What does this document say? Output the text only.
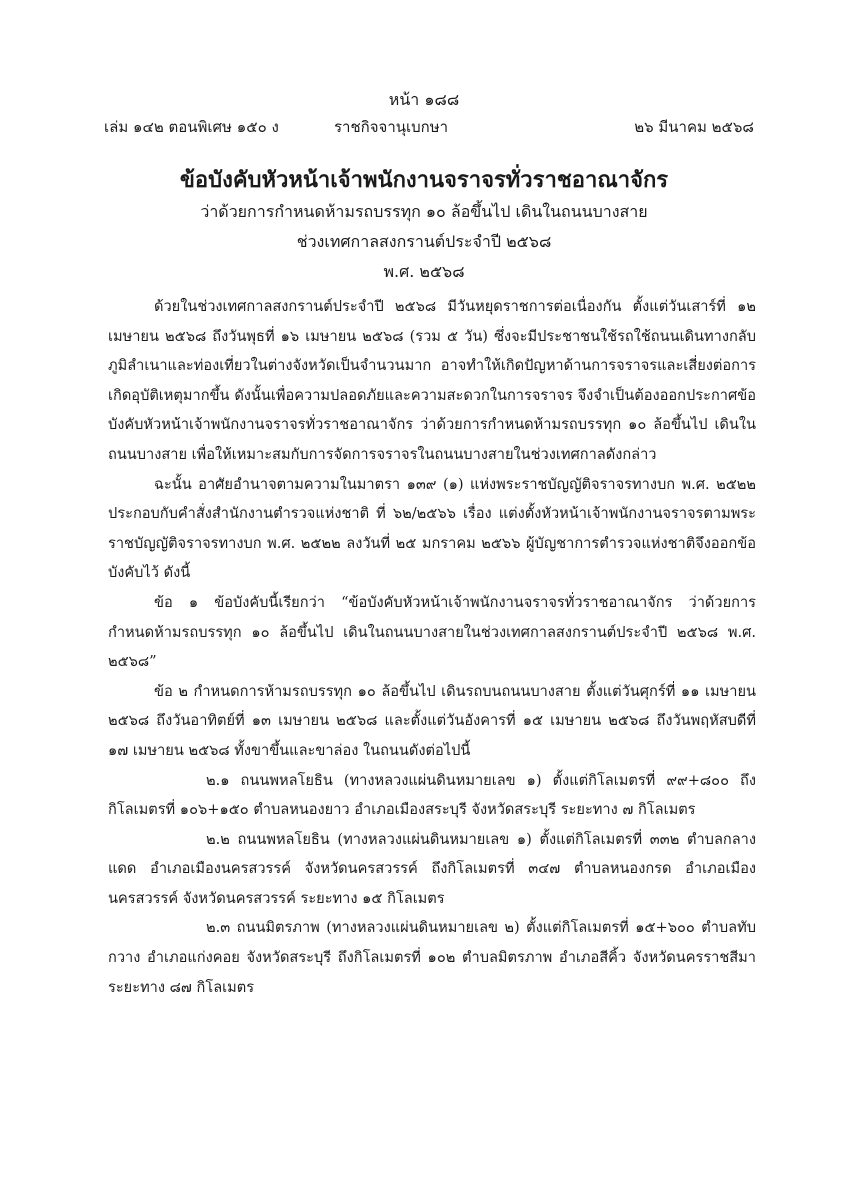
หน้า ๑๘๘
เล่ม ๑๔๒ ตอนพิเศษ ๑๕๐ ง	ราชกิจจานุเบกษา	๒๖ มีนาคม ๒๕๖๘
ข้อบังคับหัวหน้าเจ้าพนักงานจราจรทั่วราชอาณาจักร
ว่าด้วยการกำหนดห้ามรถบรรทุก ๑๐ ล้อขึ้นไป เดินในถนนบางสาย
ช่วงเทศกาลสงกรานต์ประจำปี ๒๕๖๘
พ.ศ. ๒๕๖๘

ด้วยในช่วงเทศกาลสงกรานต์ประจำปี ๒๕๖๘ มีวันหยุดราชการต่อเนื่องกัน ตั้งแต่วันเสาร์ที่ ๑๒ เมษายน ๒๕๖๘ ถึงวันพุธที่ ๑๖ เมษายน ๒๕๖๘ (รวม ๕ วัน) ซึ่งจะมีประชาชนใช้รถใช้ถนนเดินทางกลับภูมิลำเนาและท่องเที่ยวในต่างจังหวัดเป็นจำนวนมาก อาจทำให้เกิดปัญหาด้านการจราจรและเสี่ยงต่อการเกิดอุบัติเหตุมากขึ้น ดังนั้นเพื่อความปลอดภัยและความสะดวกในการจราจร จึงจำเป็นต้องออกประกาศข้อบังคับหัวหน้าเจ้าพนักงานจราจรทั่วราชอาณาจักร ว่าด้วยการกำหนดห้ามรถบรรทุก ๑๐ ล้อขึ้นไป เดินในถนนบางสาย เพื่อให้เหมาะสมกับการจัดการจราจรในถนนบางสายในช่วงเทศกาลดังกล่าว

ฉะนั้น อาศัยอำนาจตามความในมาตรา ๑๓๙ (๑) แห่งพระราชบัญญัติจราจรทางบก พ.ศ. ๒๕๒๒ ประกอบกับคำสั่งสำนักงานตำรวจแห่งชาติ ที่ ๖๒/๒๕๖๖ เรื่อง แต่งตั้งหัวหน้าเจ้าพนักงานจราจรตามพระราชบัญญัติจราจรทางบก พ.ศ. ๒๕๒๒ ลงวันที่ ๒๕ มกราคม ๒๕๖๖ ผู้บัญชาการตำรวจแห่งชาติจึงออกข้อบังคับไว้ ดังนี้

ข้อ ๑ ข้อบังคับนี้เรียกว่า “ข้อบังคับหัวหน้าเจ้าพนักงานจราจรทั่วราชอาณาจักร ว่าด้วยการกำหนดห้ามรถบรรทุก ๑๐ ล้อขึ้นไป เดินในถนนบางสายในช่วงเทศกาลสงกรานต์ประจำปี ๒๕๖๘ พ.ศ. ๒๕๖๘”

ข้อ ๒ กำหนดการห้ามรถบรรทุก ๑๐ ล้อขึ้นไป เดินรถบนถนนบางสาย ตั้งแต่วันศุกร์ที่ ๑๑ เมษายน ๒๕๖๘ ถึงวันอาทิตย์ที่ ๑๓ เมษายน ๒๕๖๘ และตั้งแต่วันอังคารที่ ๑๕ เมษายน ๒๕๖๘ ถึงวันพฤหัสบดีที่ ๑๗ เมษายน ๒๕๖๘ ทั้งขาขึ้นและขาล่อง ในถนนดังต่อไปนี้

๒.๑ ถนนพหลโยธิน (ทางหลวงแผ่นดินหมายเลข ๑) ตั้งแต่กิโลเมตรที่ ๙๙+๘๐๐ ถึงกิโลเมตรที่ ๑๐๖+๑๕๐ ตำบลหนองยาว อำเภอเมืองสระบุรี จังหวัดสระบุรี ระยะทาง ๗ กิโลเมตร

๒.๒ ถนนพหลโยธิน (ทางหลวงแผ่นดินหมายเลข ๑) ตั้งแต่กิโลเมตรที่ ๓๓๒ ตำบลกลางแดด อำเภอเมืองนครสวรรค์ จังหวัดนครสวรรค์ ถึงกิโลเมตรที่ ๓๔๗ ตำบลหนองกรด อำเภอเมืองนครสวรรค์ จังหวัดนครสวรรค์ ระยะทาง ๑๕ กิโลเมตร

๒.๓ ถนนมิตรภาพ (ทางหลวงแผ่นดินหมายเลข ๒) ตั้งแต่กิโลเมตรที่ ๑๕+๖๐๐ ตำบลทับกวาง อำเภอแก่งคอย จังหวัดสระบุรี ถึงกิโลเมตรที่ ๑๐๒ ตำบลมิตรภาพ อำเภอสีคิ้ว จังหวัดนครราชสีมา ระยะทาง ๘๗ กิโลเมตร
